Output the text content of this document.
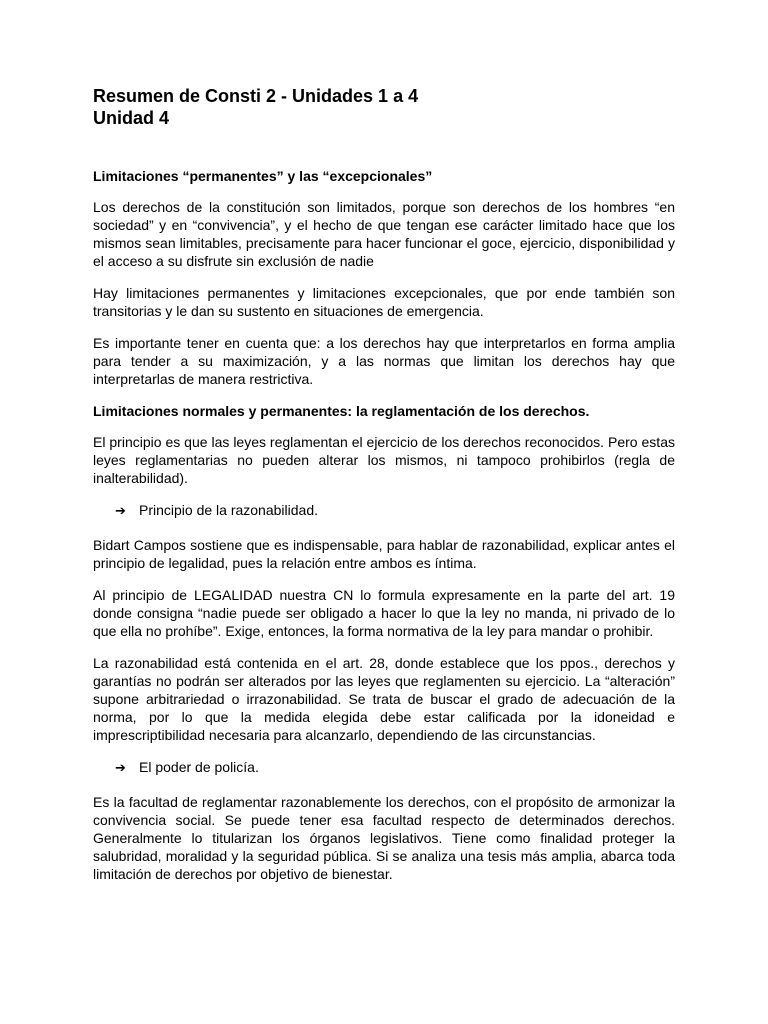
Resumen de Consti 2 - Unidades 1 a 4
Unidad 4

Limitaciones “permanentes” y las “excepcionales”

Los derechos de la constitución son limitados, porque son derechos de los hombres “en sociedad” y en “convivencia”, y el hecho de que tengan ese carácter limitado hace que los mismos sean limitables, precisamente para hacer funcionar el goce, ejercicio, disponibilidad y el acceso a su disfrute sin exclusión de nadie

Hay limitaciones permanentes y limitaciones excepcionales, que por ende también son transitorias y le dan su sustento en situaciones de emergencia.

Es importante tener en cuenta que: a los derechos hay que interpretarlos en forma amplia para tender a su maximización, y a las normas que limitan los derechos hay que interpretarlas de manera restrictiva.

Limitaciones normales y permanentes: la reglamentación de los derechos.

El principio es que las leyes reglamentan el ejercicio de los derechos reconocidos. Pero estas leyes reglamentarias no pueden alterar los mismos, ni tampoco prohibirlos (regla de inalterabilidad).

➔ Principio de la razonabilidad.

Bidart Campos sostiene que es indispensable, para hablar de razonabilidad, explicar antes el principio de legalidad, pues la relación entre ambos es íntima.

Al principio de LEGALIDAD nuestra CN lo formula expresamente en la parte del art. 19 donde consigna “nadie puede ser obligado a hacer lo que la ley no manda, ni privado de lo que ella no prohíbe”. Exige, entonces, la forma normativa de la ley para mandar o prohibir.

La razonabilidad está contenida en el art. 28, donde establece que los ppos., derechos y garantías no podrán ser alterados por las leyes que reglamenten su ejercicio. La “alteración” supone arbitrariedad o irrazonabilidad. Se trata de buscar el grado de adecuación de la norma, por lo que la medida elegida debe estar calificada por la idoneidad e imprescriptibilidad necesaria para alcanzarlo, dependiendo de las circunstancias.

➔ El poder de policía.

Es la facultad de reglamentar razonablemente los derechos, con el propósito de armonizar la convivencia social. Se puede tener esa facultad respecto de determinados derechos. Generalmente lo titularizan los órganos legislativos. Tiene como finalidad proteger la salubridad, moralidad y la seguridad pública. Si se analiza una tesis más amplia, abarca toda limitación de derechos por objetivo de bienestar.
